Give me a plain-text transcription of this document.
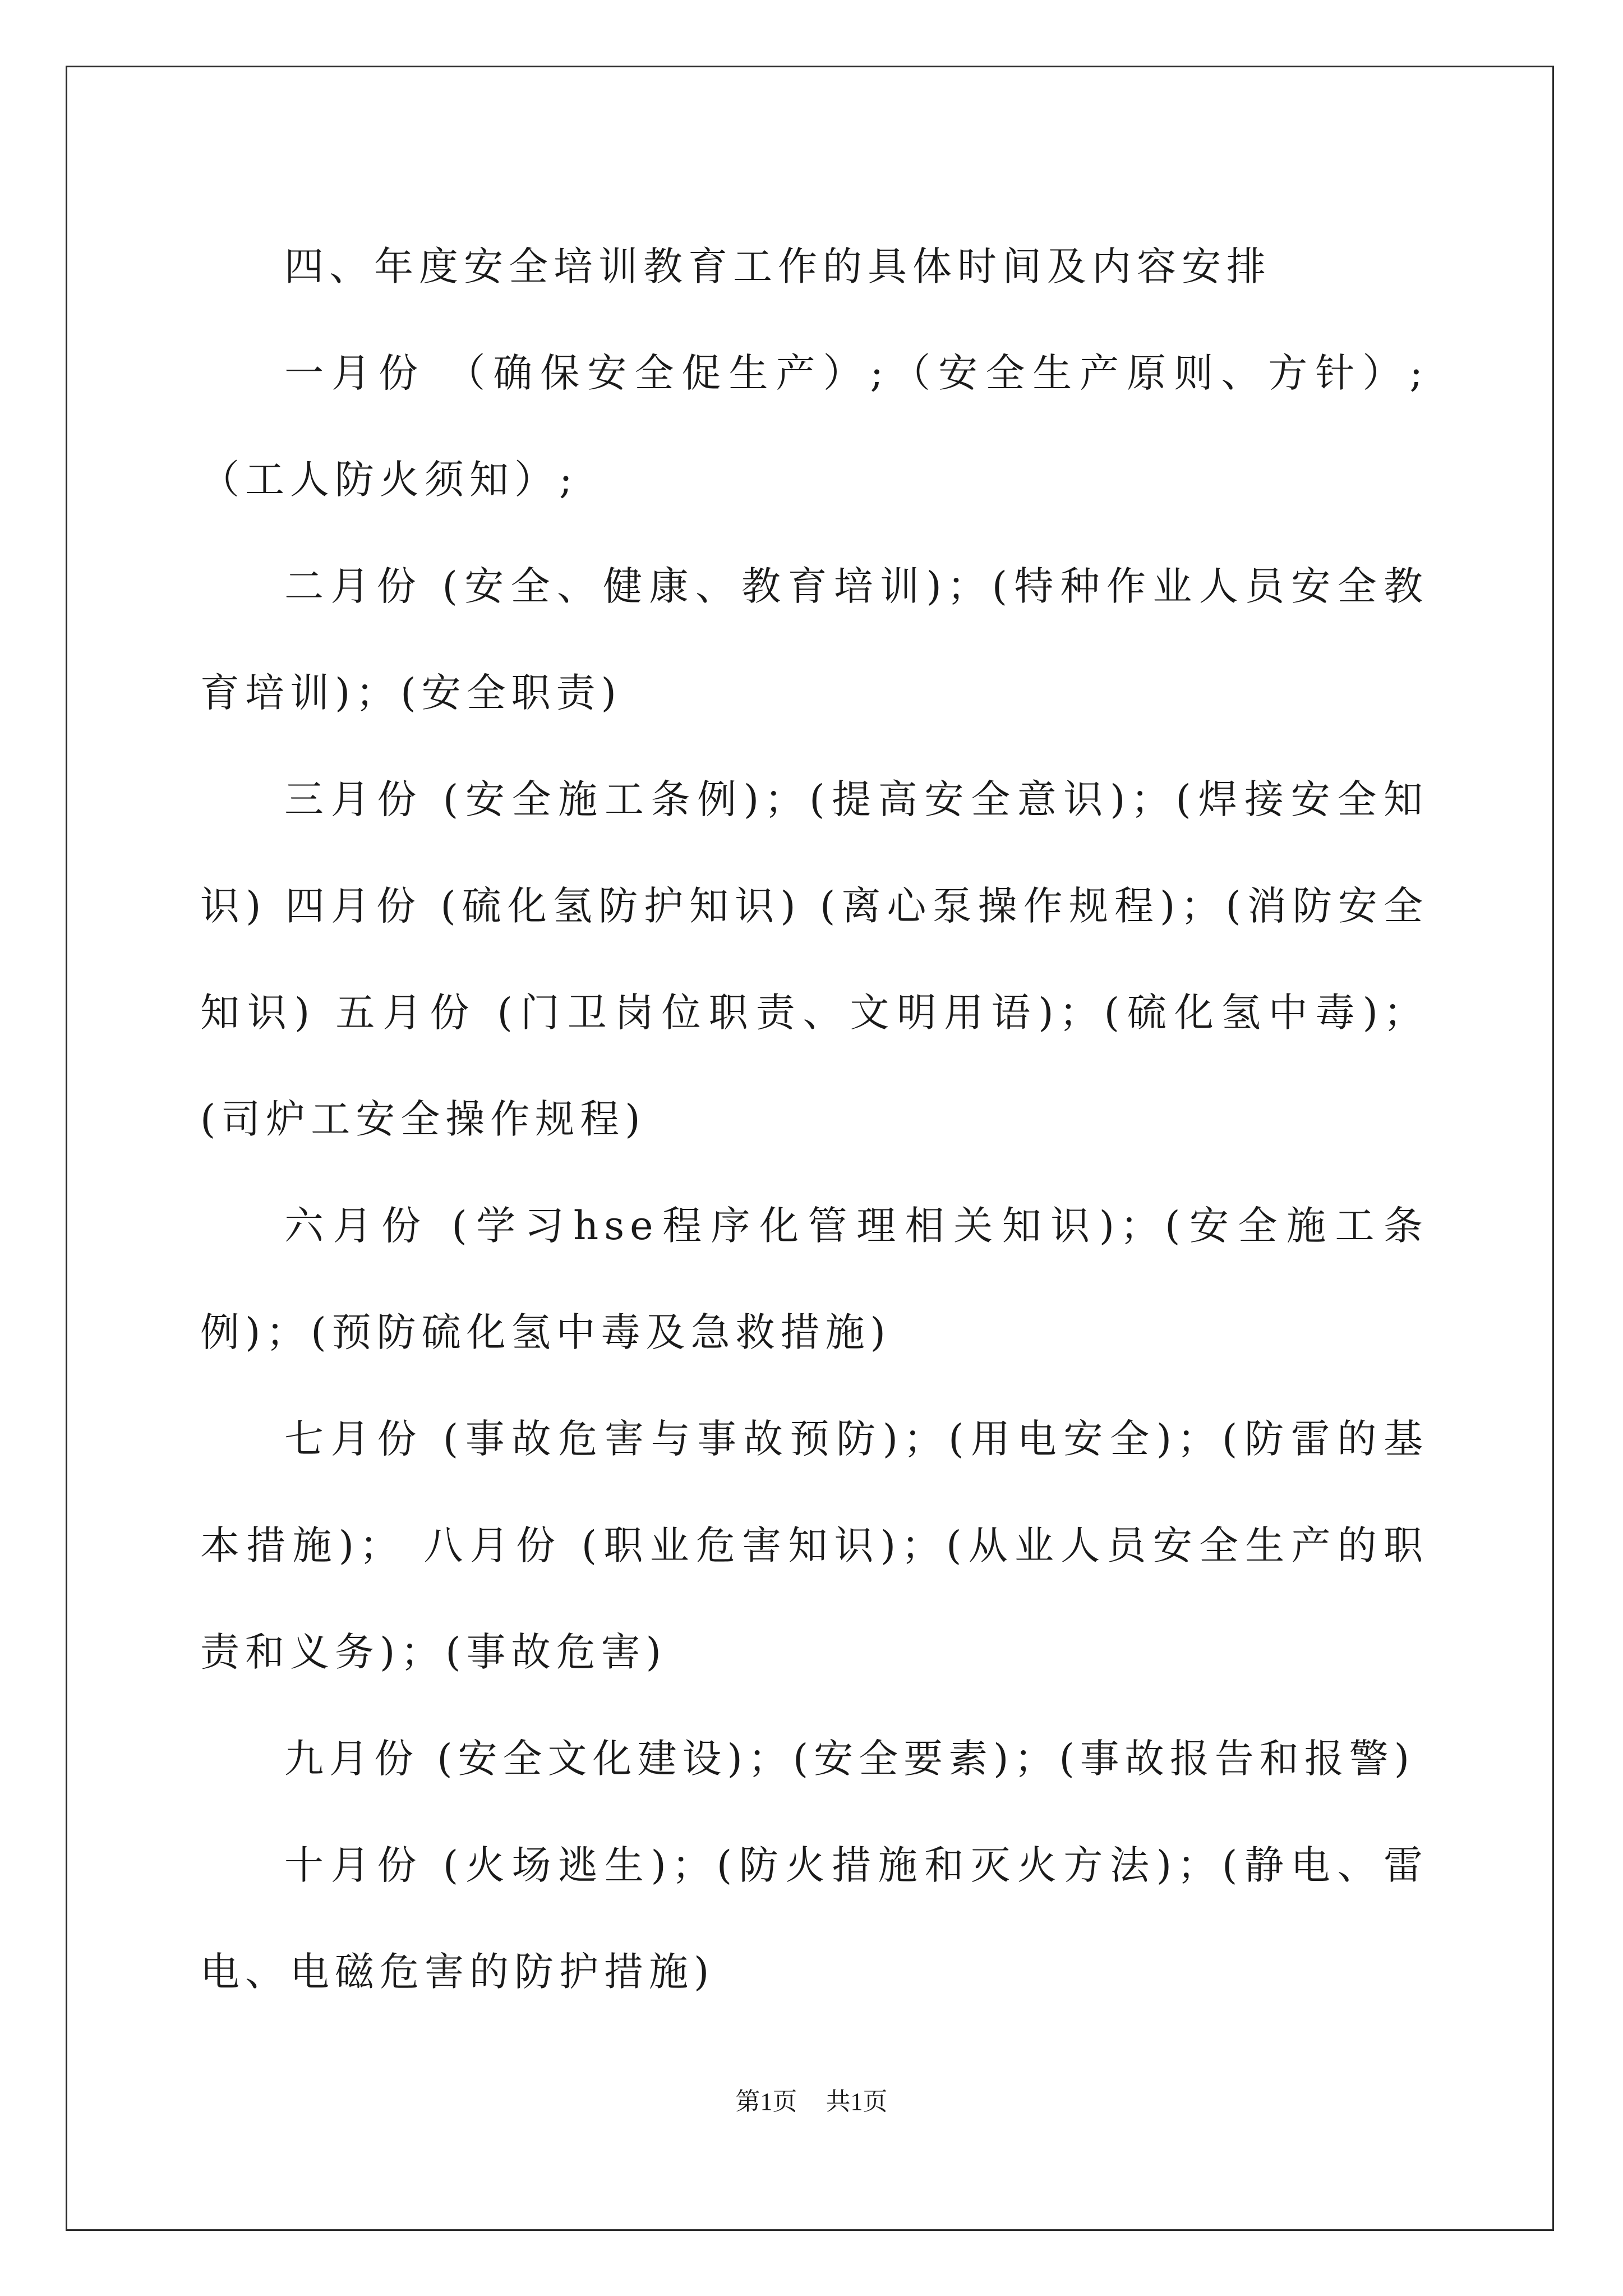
四、年度安全培训教育工作的具体时间及内容安排

一月份 （确保安全促生产）;（安全生产原则、方针）;（工人防火须知）;

二月份 (安全、健康、教育培训)；(特种作业人员安全教育培训)；(安全职责)

三月份 (安全施工条例)；(提高安全意识)；(焊接安全知识) 四月份 (硫化氢防护知识) (离心泵操作规程)；(消防安全知识) 五月份 (门卫岗位职责、文明用语)；(硫化氢中毒)；(司炉工安全操作规程)

六月份 (学习hse程序化管理相关知识)；(安全施工条例)；(预防硫化氢中毒及急救措施)

七月份 (事故危害与事故预防)；(用电安全)；(防雷的基本措施)； 八月份 (职业危害知识)；(从业人员安全生产的职责和义务)；(事故危害)

九月份 (安全文化建设)；(安全要素)；(事故报告和报警)

十月份 (火场逃生)；(防火措施和灭火方法)；(静电、雷电、电磁危害的防护措施)

第1页 共1页
